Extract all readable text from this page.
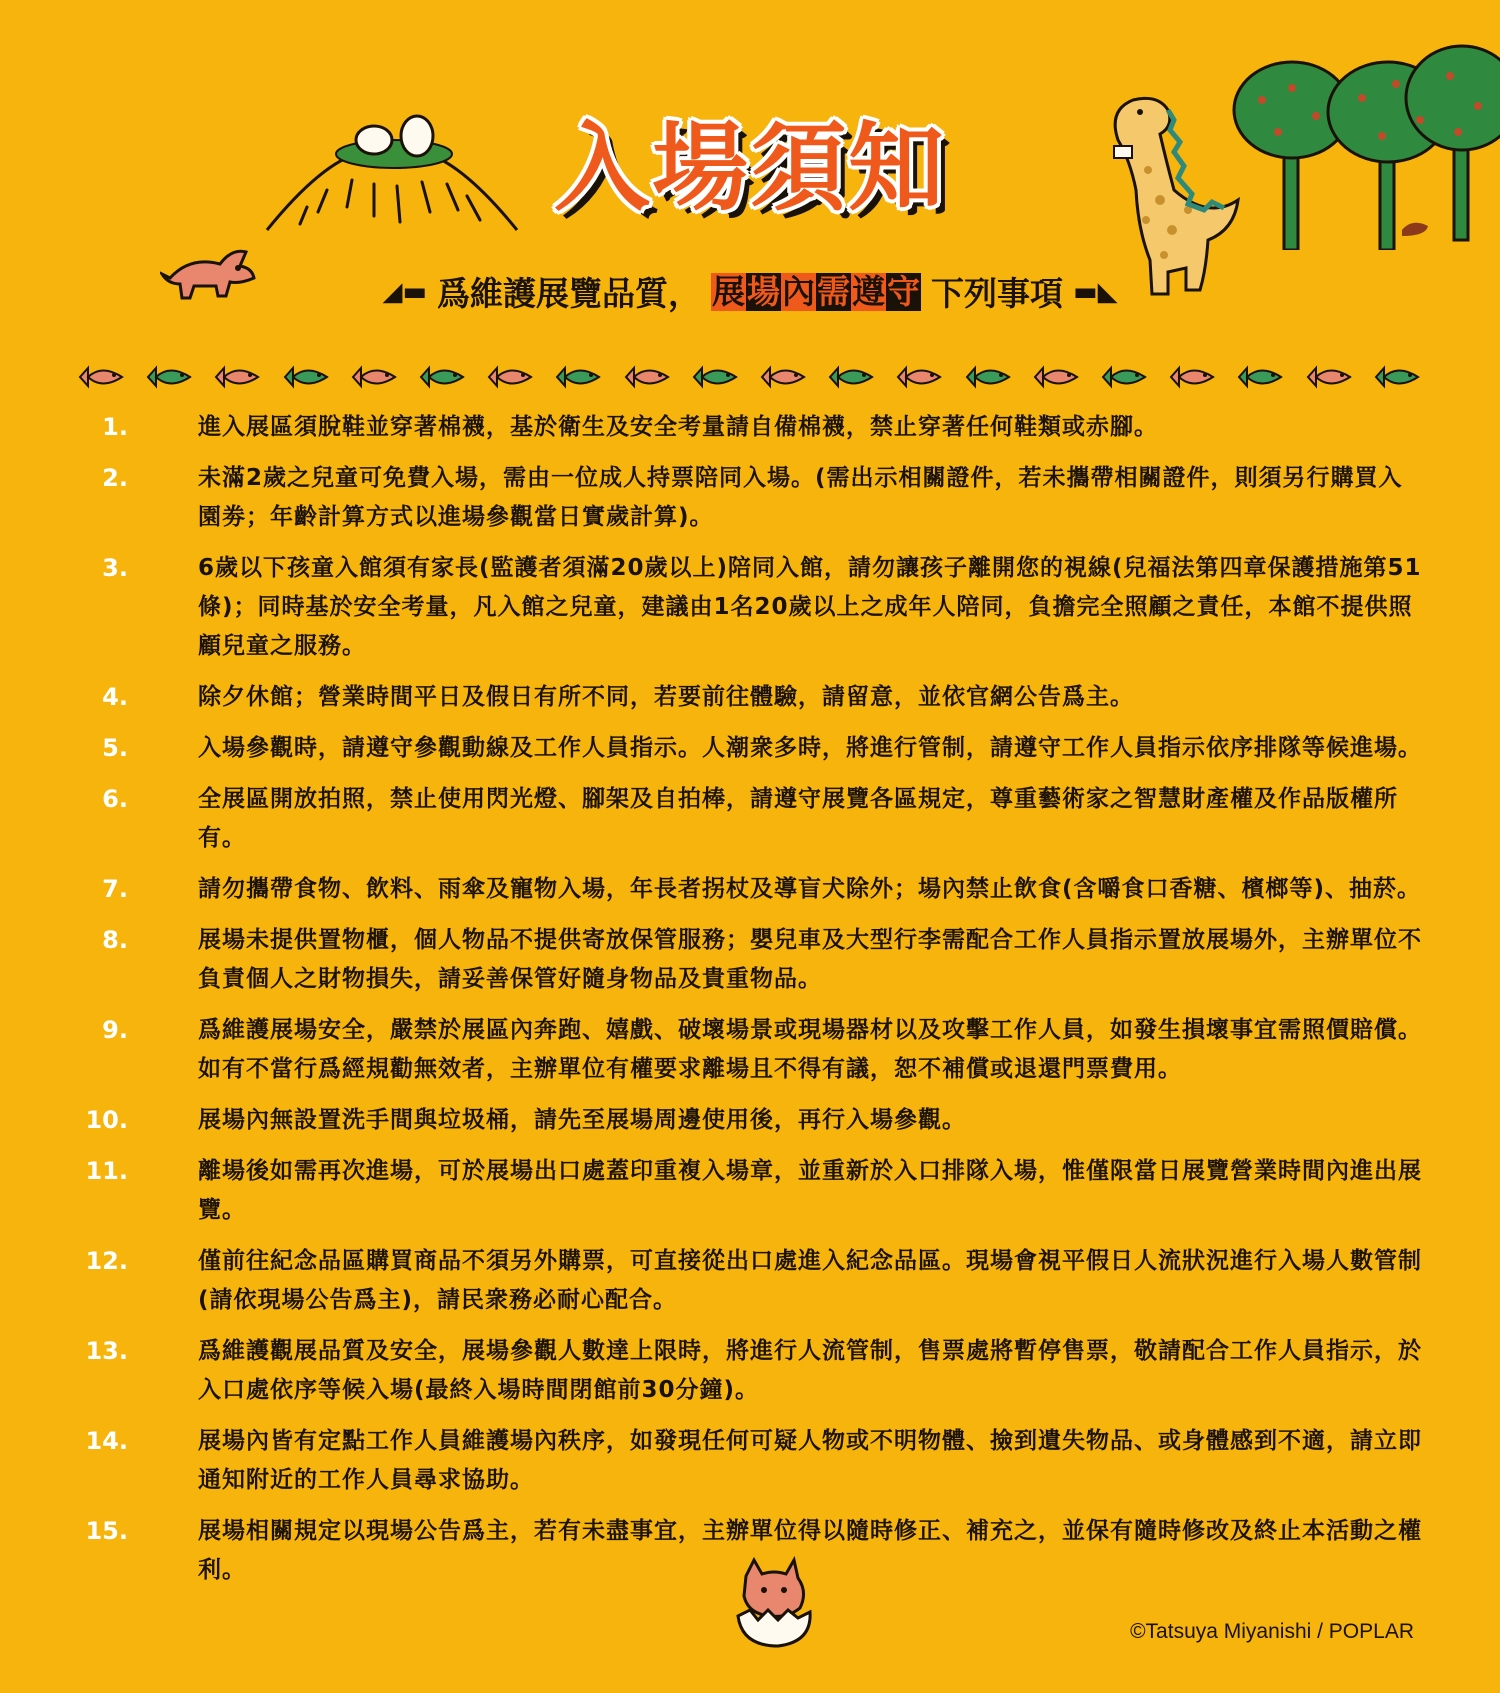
入場須知
◢▬ 爲維護展覽品質， 展 場 內 需 遵 守 下列事項 ▬◣
1.	進入展區須脫鞋並穿著棉襪，基於衛生及安全考量請自備棉襪，禁止穿著任何鞋類或赤腳。
2.	未滿2歲之兒童可免費入場，需由一位成人持票陪同入場。(需出示相關證件，若未攜帶相關證件，則須另行購買入園劵；年齡計算方式以進場參觀當日實歲計算)。
3.	6歲以下孩童入館須有家長(監護者須滿20歲以上)陪同入館，請勿讓孩子離開您的視線(兒福法第四章保護措施第51條)；同時基於安全考量，凡入館之兒童，建議由1名20歲以上之成年人陪同，負擔完全照顧之責任，本館不提供照顧兒童之服務。
4.	除夕休館；營業時間平日及假日有所不同，若要前往體驗，請留意，並依官網公告爲主。
5.	入場參觀時，請遵守參觀動線及工作人員指示。人潮衆多時，將進行管制，請遵守工作人員指示依序排隊等候進場。
6.	全展區開放拍照，禁止使用閃光燈、腳架及自拍棒，請遵守展覽各區規定，尊重藝術家之智慧財產權及作品版權所有。
7.	請勿攜帶食物、飲料、雨傘及寵物入場，年長者拐杖及導盲犬除外；場內禁止飲食(含嚼食口香糖、檳榔等)、抽菸。
8.	展場未提供置物櫃，個人物品不提供寄放保管服務；嬰兒車及大型行李需配合工作人員指示置放展場外，主辦單位不負責個人之財物損失，請妥善保管好隨身物品及貴重物品。
9.	爲維護展場安全，嚴禁於展區內奔跑、嬉戲、破壞場景或現場器材以及攻擊工作人員，如發生損壞事宜需照價賠償。如有不當行爲經規勸無效者，主辦單位有權要求離場且不得有議，恕不補償或退還門票費用。
10.	展場內無設置洗手間與垃圾桶，請先至展場周邊使用後，再行入場參觀。
11.	離場後如需再次進場，可於展場出口處蓋印重複入場章，並重新於入口排隊入場，惟僅限當日展覽營業時間內進出展覽。
12.	僅前往紀念品區購買商品不須另外購票，可直接從出口處進入紀念品區。現場會視平假日人流狀況進行入場人數管制(請依現場公告爲主)，請民衆務必耐心配合。
13.	爲維護觀展品質及安全，展場參觀人數達上限時，將進行人流管制，售票處將暫停售票，敬請配合工作人員指示，於入口處依序等候入場(最終入場時間閉館前30分鐘)。
14.	展場內皆有定點工作人員維護場內秩序，如發現任何可疑人物或不明物體、撿到遺失物品、或身體感到不適，請立即通知附近的工作人員尋求協助。
15.	展場相關規定以現場公告爲主，若有未盡事宜，主辦單位得以隨時修正、補充之，並保有隨時修改及終止本活動之權利。
©Tatsuya Miyanishi / POPLAR
